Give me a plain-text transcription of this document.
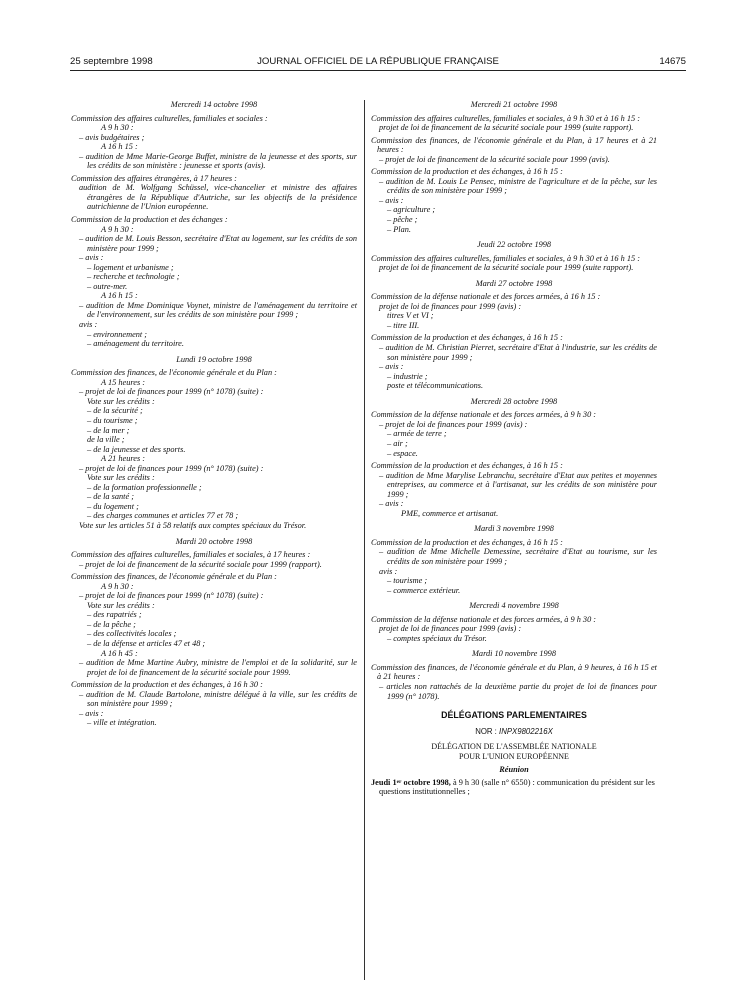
25 septembre 1998	JOURNAL OFFICIEL DE LA RÉPUBLIQUE FRANÇAISE	14675
Mercredi 14 octobre 1998
Commission des affaires culturelles, familiales et sociales :
A 9 h 30 :
– avis budgétaires ;
A 16 h 15 :
– audition de Mme Marie-George Buffet, ministre de la jeunesse et des sports, sur les crédits de son ministère : jeunesse et sports (avis).
Commission des affaires étrangères, à 17 heures :
audition de M. Wolfgang Schüssel, vice-chancelier et ministre des affaires étrangères de la République d'Autriche, sur les objectifs de la présidence autrichienne de l'Union européenne.
Commission de la production et des échanges :
A 9 h 30 :
– audition de M. Louis Besson, secrétaire d'Etat au logement, sur les crédits de son ministère pour 1999 ;
– avis :
– logement et urbanisme ;
– recherche et technologie ;
– outre-mer.
A 16 h 15 :
– audition de Mme Dominique Voynet, ministre de l'aménagement du territoire et de l'environnement, sur les crédits de son ministère pour 1999 ;
avis :
– environnement ;
– aménagement du territoire.
Lundi 19 octobre 1998
Commission des finances, de l'économie générale et du Plan :
A 15 heures :
– projet de loi de finances pour 1999 (n° 1078) (suite) :
Vote sur les crédits :
– de la sécurité ;
– du tourisme ;
– de la mer ;
de la ville ;
– de la jeunesse et des sports.
A 21 heures :
– projet de loi de finances pour 1999 (n° 1078) (suite) :
Vote sur les crédits :
– de la formation professionnelle ;
– de la santé ;
– du logement ;
– des charges communes et articles 77 et 78 ;
Vote sur les articles 51 à 58 relatifs aux comptes spéciaux du Trésor.
Mardi 20 octobre 1998
Commission des affaires culturelles, familiales et sociales, à 17 heures :
– projet de loi de financement de la sécurité sociale pour 1999 (rapport).
Commission des finances, de l'économie générale et du Plan :
A 9 h 30 :
– projet de loi de finances pour 1999 (n° 1078) (suite) :
Vote sur les crédits :
– des rapatriés ;
– de la pêche ;
– des collectivités locales ;
– de la défense et articles 47 et 48 ;
A 16 h 45 :
– audition de Mme Martine Aubry, ministre de l'emploi et de la solidarité, sur le projet de loi de financement de la sécurité sociale pour 1999.
Commission de la production et des échanges, à 16 h 30 :
– audition de M. Claude Bartolone, ministre délégué à la ville, sur les crédits de son ministère pour 1999 ;
– avis :
– ville et intégration.
Mercredi 21 octobre 1998
Commission des affaires culturelles, familiales et sociales, à 9 h 30 et à 16 h 15 :
projet de loi de financement de la sécurité sociale pour 1999 (suite rapport).
Commission des finances, de l'économie générale et du Plan, à 17 heures et à 21 heures :
– projet de loi de financement de la sécurité sociale pour 1999 (avis).
Commission de la production et des échanges, à 16 h 15 :
– audition de M. Louis Le Pensec, ministre de l'agriculture et de la pêche, sur les crédits de son ministère pour 1999 ;
– avis :
– agriculture ;
– pêche ;
– Plan.
Jeudi 22 octobre 1998
Commission des affaires culturelles, familiales et sociales, à 9 h 30 et à 16 h 15 :
projet de loi de financement de la sécurité sociale pour 1999 (suite rapport).
Mardi 27 octobre 1998
Commission de la défense nationale et des forces armées, à 16 h 15 :
projet de loi de finances pour 1999 (avis) :
titres V et VI ;
– titre III.
Commission de la production et des échanges, à 16 h 15 :
– audition de M. Christian Pierret, secrétaire d'Etat à l'industrie, sur les crédits de son ministère pour 1999 ;
– avis :
– industrie ;
poste et télécommunications.
Mercredi 28 octobre 1998
Commission de la défense nationale et des forces armées, à 9 h 30 :
– projet de loi de finances pour 1999 (avis) :
– armée de terre ;
– air ;
– espace.
Commission de la production et des échanges, à 16 h 15 :
– audition de Mme Marylise Lebranchu, secrétaire d'Etat aux petites et moyennes entreprises, au commerce et à l'artisanat, sur les crédits de son ministère pour 1999 ;
– avis :
PME, commerce et artisanat.
Mardi 3 novembre 1998
Commission de la production et des échanges, à 16 h 15 :
– audition de Mme Michelle Demessine, secrétaire d'Etat au tourisme, sur les crédits de son ministère pour 1999 ;
avis :
– tourisme ;
– commerce extérieur.
Mercredi 4 novembre 1998
Commission de la défense nationale et des forces armées, à 9 h 30 :
projet de loi de finances pour 1999 (avis) :
– comptes spéciaux du Trésor.
Mardi 10 novembre 1998
Commission des finances, de l'économie générale et du Plan, à 9 heures, à 16 h 15 et à 21 heures :
– articles non rattachés de la deuxième partie du projet de loi de finances pour 1999 (n° 1078).
DÉLÉGATIONS PARLEMENTAIRES
NOR : INPX9802216X
DÉLÉGATION DE L'ASSEMBLÉE NATIONALE
POUR L'UNION EUROPÉENNE
Réunion
Jeudi 1er octobre 1998, à 9 h 30 (salle n° 6550) : communication du président sur les questions institutionnelles ;
